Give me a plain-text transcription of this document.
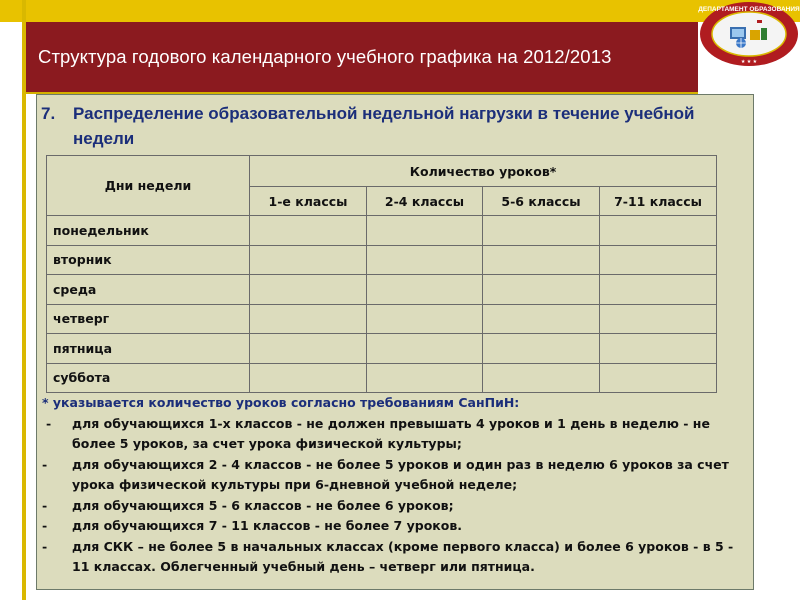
Структура годового календарного учебного графика на 2012/2013
ДЕПАРТАМЕНТ ОБРАЗОВАНИЯ
★ ★ ★
7. Распределение образовательной недельной нагрузки в течение учебной недели
Дни недели	Количество уроков*			
	1-е классы	2-4 классы	5-6 классы	7-11 классы
понедельник				
вторник				
среда				
четверг				
пятница				
суббота				
* указывается количество уроков согласно требованиям СанПиН:
- для обучающихся 1-х классов - не должен превышать 4 уроков и 1 день в неделю - не более 5 уроков, за счет урока физической культуры;
- для обучающихся 2 - 4 классов - не более 5 уроков и один раз в неделю 6 уроков за счет урока физической культуры при 6-дневной учебной неделе;
- для обучающихся 5 - 6 классов - не более 6 уроков;
- для обучающихся 7 - 11 классов - не более 7 уроков.
- для СКК – не более 5 в начальных классах (кроме первого класса) и более 6 уроков - в 5 - 11 классах. Облегченный учебный день – четверг или пятница.
